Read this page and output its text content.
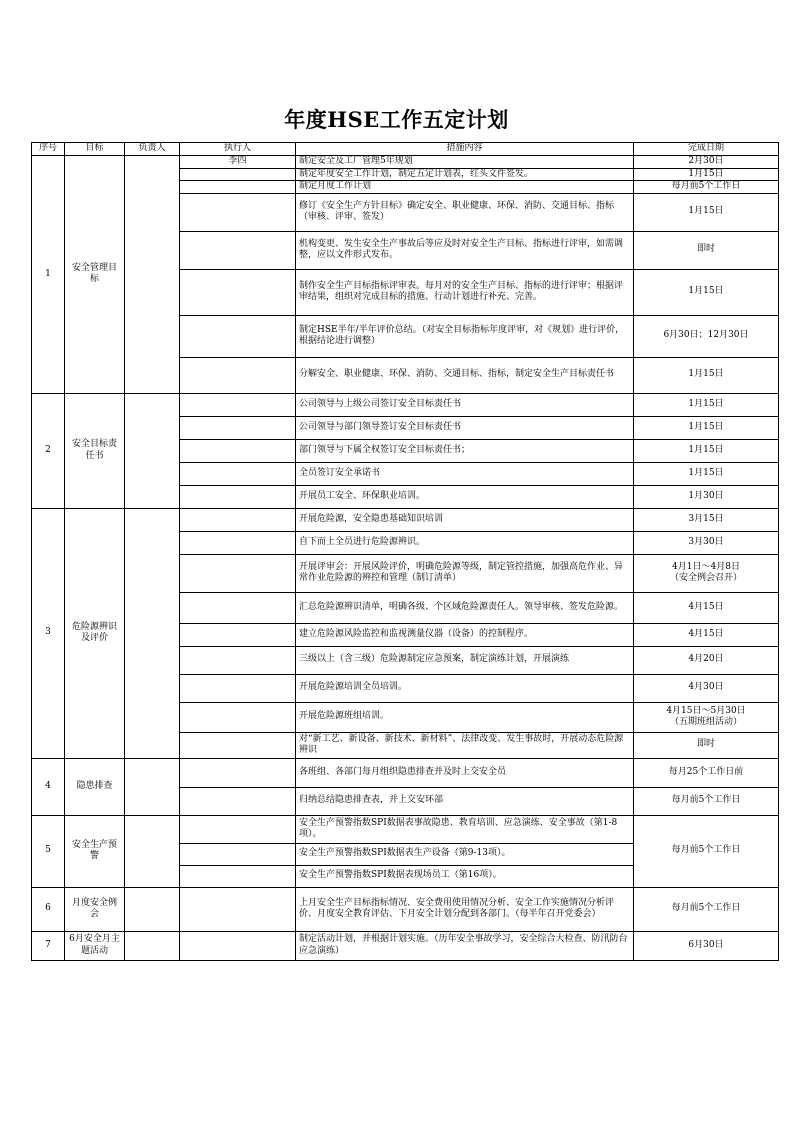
年度HSE工作五定计划
序号	目标	负责人	执行人	措施内容	完成日期
1	安全管理目标		李四	制定安全及工厂管理5年规划	2月30日
				制定年度安全工作计划，制定五定计划表，红头文件签发。	1月15日
				制定月度工作计划	每月前5个工作日
				修订《安全生产方针目标》确定安全、职业健康、环保、消防、交通目标、指标（审核、评审、签发）	1月15日
				机构变更、发生安全生产事故后等应及时对安全生产目标、指标进行评审，如需调整，应以文件形式发布。	即时
				制作安全生产目标指标评审表。每月对的安全生产目标、指标的进行评审；根据评审结果，组织对完成目标的措施、行动计划进行补充、完善。	1月15日
				制定HSE半年/半年评价总结。（对安全目标指标年度评审，对《规划》进行评价，根据结论进行调整）	6月30日；12月30日
				分解安全、职业健康、环保、消防、交通目标、指标，制定安全生产目标责任书	1月15日
2	安全目标责任书			公司领导与上级公司签订安全目标责任书	1月15日
				公司领导与部门领导签订安全目标责任书	1月15日
				部门领导与下属全权签订安全目标责任书；	1月15日
				全员签订安全承诺书	1月15日
				开展员工安全、环保职业培训。	1月30日
3	危险源辨识及评价			开展危险源，安全隐患基础知识培训	3月15日
				自下而上全员进行危险源辨识。	3月30日
				开展评审会：开展风险评价，明确危险源等级，制定管控措施，加强高危作业、异常作业危险源的辨控和管理（制订清单）	4月1日～4月8日
（安全例会召开）
				汇总危险源辨识清单，明确各级、个区域危险源责任人。领导审核、签发危险源。	4月15日
				建立危险源风险监控和监视测量仪器（设备）的控制程序。	4月15日
				三级以上（含三级）危险源制定应急预案，制定演练计划，开展演练	4月20日
				开展危险源培训全员培训。	4月30日
				开展危险源班组培训。	4月15日～5月30日
（五期班组活动）
				对“新工艺、新设备、新技术、新材料”、法律改变、发生事故时，开展动态危险源辨识	即时
4	隐患排查			各班组、各部门每月组织隐患排查并及时上交安全员	每月25个工作日前
				归纳总结隐患排查表，并上交安环部	每月前5个工作日
5	安全生产预警			安全生产预警指数SPI数据表事故隐患、教育培训、应急演练、安全事故（第1-8项）。	每月前5个工作日
				安全生产预警指数SPI数据表生产设备（第9-13项）。	
				安全生产预警指数SPI数据表现场员工（第16项）。	
6	月度安全例会			上月安全生产目标指标情况、安全费用使用情况分析、安全工作实施情况分析评价、月度安全教育评估、下月安全计划分配到各部门。（每半年召开党委会）	每月前5个工作日
7	6月安全月主题活动			制定活动计划，并根据计划实施。（历年安全事故学习，安全综合大检查、防汛防台应急演练）	6月30日
